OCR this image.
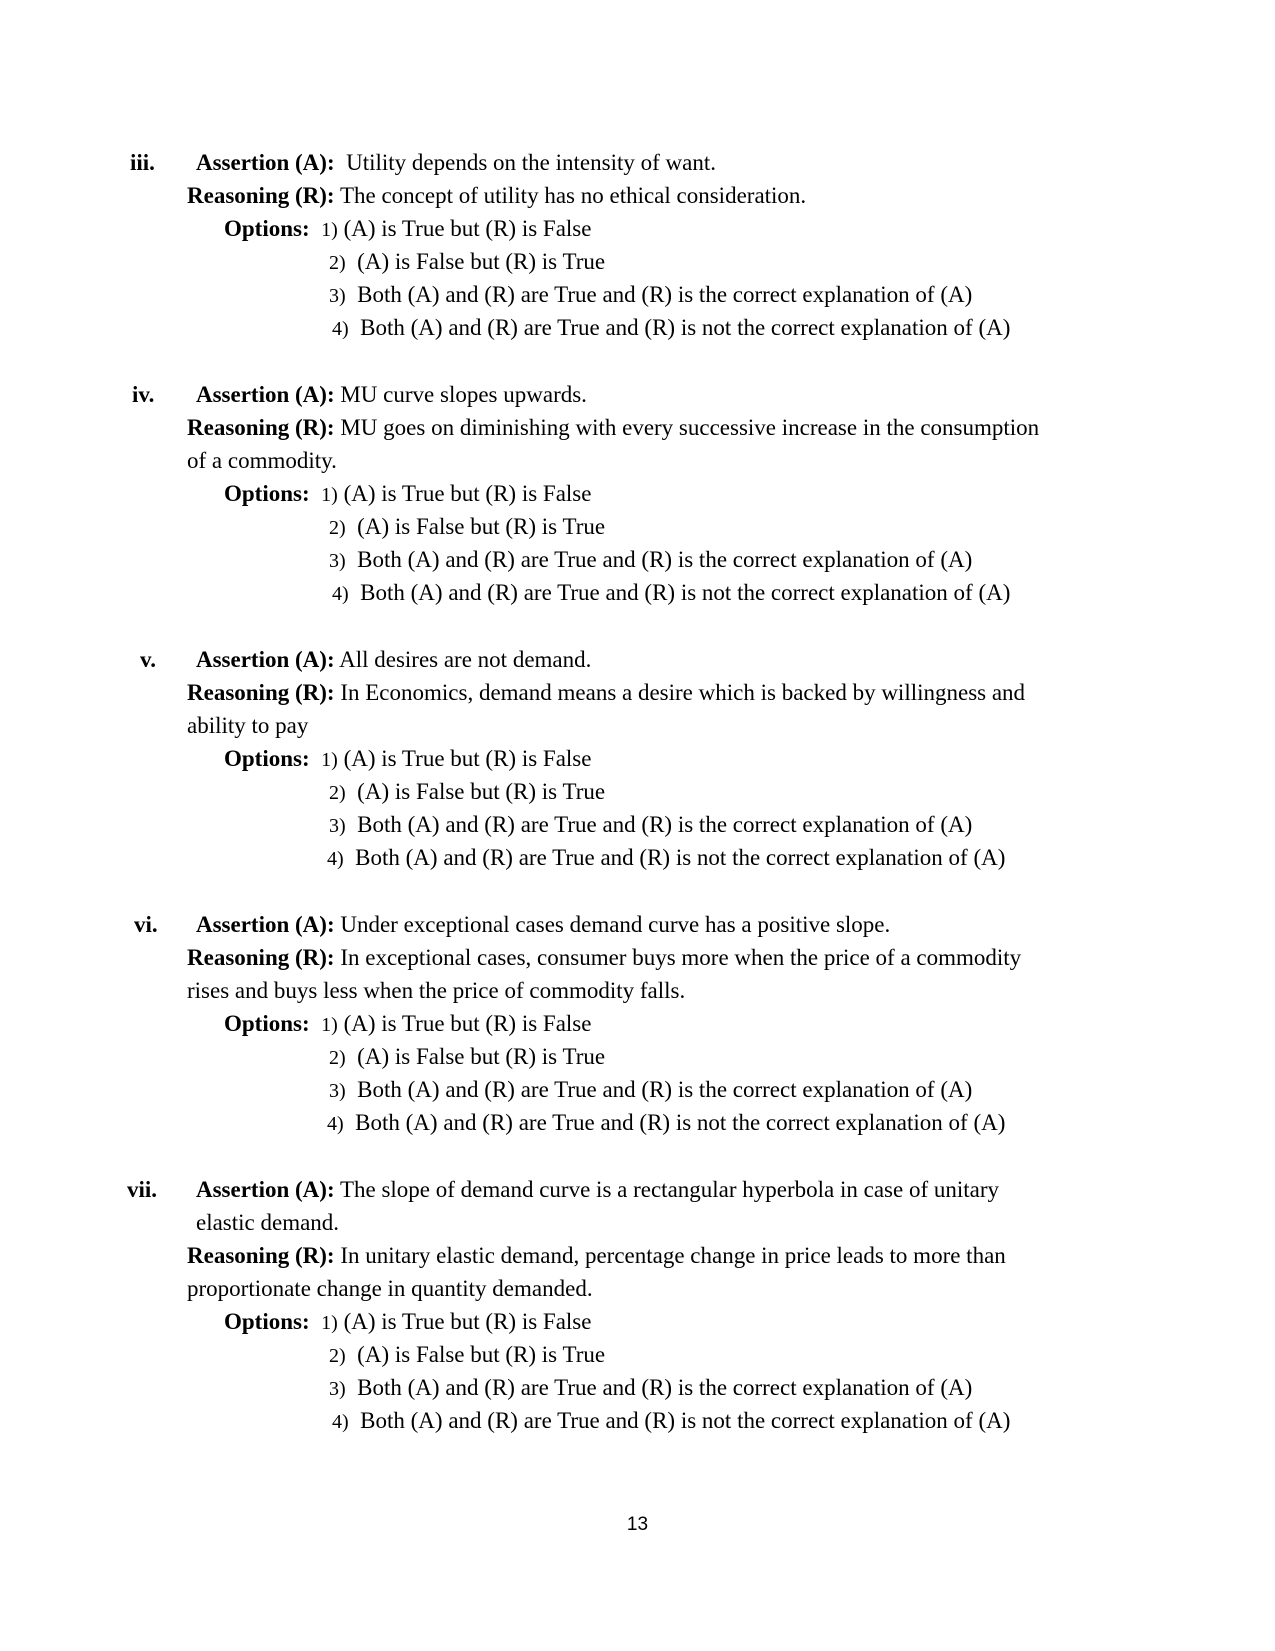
iii. Assertion (A): Utility depends on the intensity of want.
Reasoning (R): The concept of utility has no ethical consideration.
Options: 1) (A) is True but (R) is False
2) (A) is False but (R) is True
3) Both (A) and (R) are True and (R) is the correct explanation of (A)
4) Both (A) and (R) are True and (R) is not the correct explanation of (A)
iv. Assertion (A): MU curve slopes upwards.
Reasoning (R): MU goes on diminishing with every successive increase in the consumption
of a commodity.
Options: 1) (A) is True but (R) is False
2) (A) is False but (R) is True
3) Both (A) and (R) are True and (R) is the correct explanation of (A)
4) Both (A) and (R) are True and (R) is not the correct explanation of (A)
v. Assertion (A): All desires are not demand.
Reasoning (R): In Economics, demand means a desire which is backed by willingness and
ability to pay
Options: 1) (A) is True but (R) is False
2) (A) is False but (R) is True
3) Both (A) and (R) are True and (R) is the correct explanation of (A)
4) Both (A) and (R) are True and (R) is not the correct explanation of (A)
vi. Assertion (A): Under exceptional cases demand curve has a positive slope.
Reasoning (R): In exceptional cases, consumer buys more when the price of a commodity
rises and buys less when the price of commodity falls.
Options: 1) (A) is True but (R) is False
2) (A) is False but (R) is True
3) Both (A) and (R) are True and (R) is the correct explanation of (A)
4) Both (A) and (R) are True and (R) is not the correct explanation of (A)
vii. Assertion (A): The slope of demand curve is a rectangular hyperbola in case of unitary
elastic demand.
Reasoning (R): In unitary elastic demand, percentage change in price leads to more than
proportionate change in quantity demanded.
Options: 1) (A) is True but (R) is False
2) (A) is False but (R) is True
3) Both (A) and (R) are True and (R) is the correct explanation of (A)
4) Both (A) and (R) are True and (R) is not the correct explanation of (A)
13
